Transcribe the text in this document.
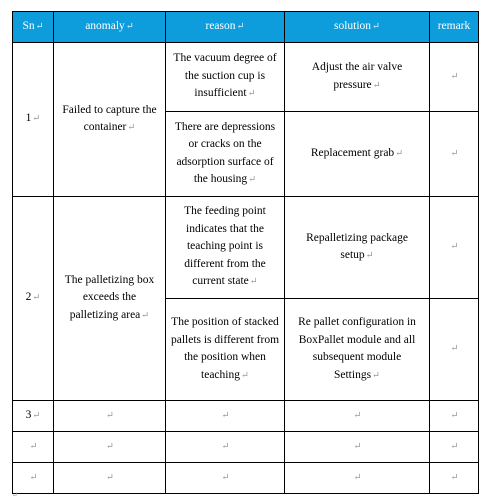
Sn↵	anomaly↵	reason↵	solution↵	remark
1↵	Failed to capture the container↵	The vacuum degree of the suction cup is insufficient↵	Adjust the air valve pressure↵	↵
		There are depressions or cracks on the adsorption surface of the housing↵	Replacement grab↵	↵
2↵	The palletizing box exceeds the palletizing area↵	The feeding point indicates that the teaching point is different from the current state↵	Repalletizing package setup↵	↵
		The position of stacked pallets is different from the position when teaching↵	Re pallet configuration in BoxPallet module and all subsequent module Settings↵	↵
3↵	↵	↵	↵	↵
↵	↵	↵	↵	↵
↵	↵	↵	↵	↵
↵
